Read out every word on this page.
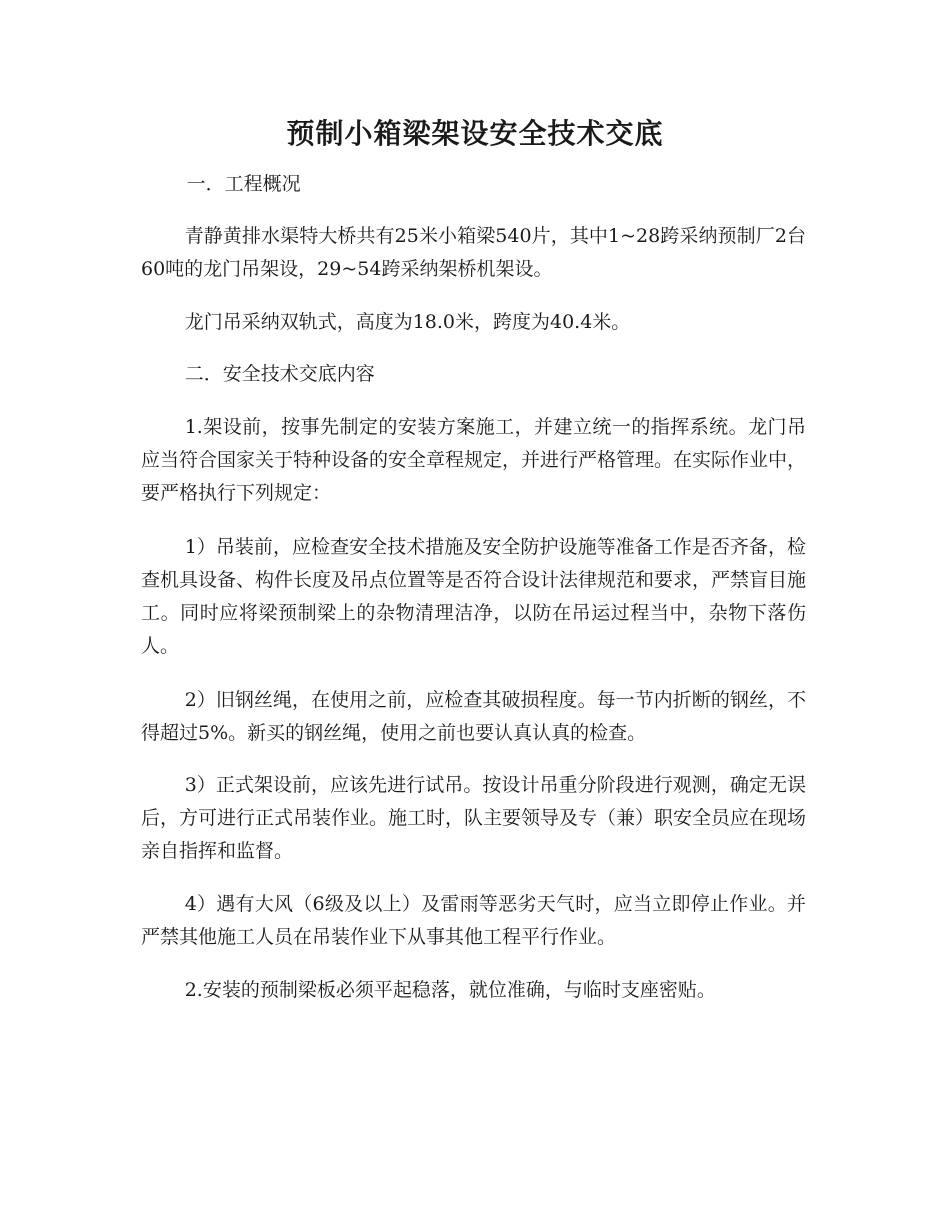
预制小箱梁架设安全技术交底

一．工程概况

青静黄排水渠特大桥共有25米小箱梁540片，其中1~28跨采纳预制厂2台60吨的龙门吊架设，29~54跨采纳架桥机架设。

龙门吊采纳双轨式，高度为18.0米，跨度为40.4米。

二．安全技术交底内容

1.架设前，按事先制定的安装方案施工，并建立统一的指挥系统。龙门吊应当符合国家关于特种设备的安全章程规定，并进行严格管理。在实际作业中，要严格执行下列规定：

1）吊装前，应检查安全技术措施及安全防护设施等准备工作是否齐备，检查机具设备、构件长度及吊点位置等是否符合设计法律规范和要求，严禁盲目施工。同时应将梁预制梁上的杂物清理洁净，以防在吊运过程当中，杂物下落伤人。

2）旧钢丝绳，在使用之前，应检查其破损程度。每一节内折断的钢丝，不得超过5%。新买的钢丝绳，使用之前也要认真认真的检查。

3）正式架设前，应该先进行试吊。按设计吊重分阶段进行观测，确定无误后，方可进行正式吊装作业。施工时，队主要领导及专（兼）职安全员应在现场亲自指挥和监督。

4）遇有大风（6级及以上）及雷雨等恶劣天气时，应当立即停止作业。并严禁其他施工人员在吊装作业下从事其他工程平行作业。

2.安装的预制梁板必须平起稳落，就位准确，与临时支座密贴。
